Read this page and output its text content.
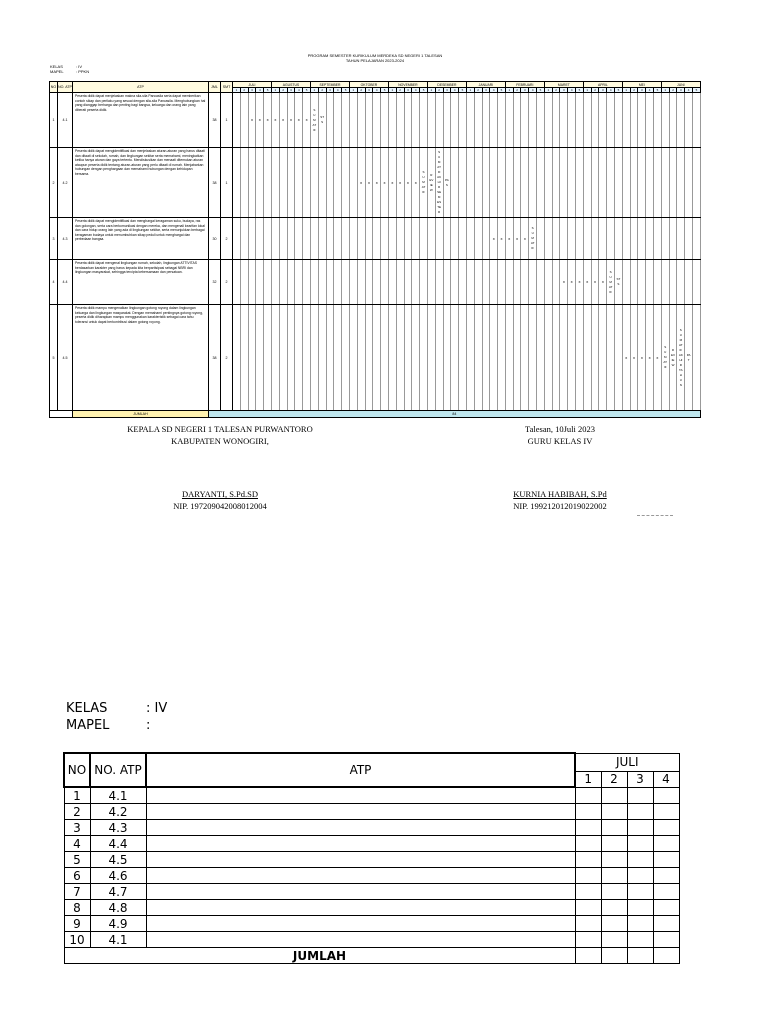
PROGRAM SEMESTER KURIKULUM MERDEKA SD NEGERI 1 TALESAN
TAHUN PELAJARAN 2023-2024
KELAS	: IV
MAPEL	: PPKN
NO	NO. ATP	ATP	JML	SMT	JULI	AGUSTUS	SEPTEMBER	OKTOBER	NOVEMBER	DESEMBER	JANUARI	FEBRUARI	MARET	APRIL	MEI	JUNI
1	2	3	4	5	1	2	3	4	5	1	2	3	4	5	1	2	3	4	5	1	2	3	4	5	1	2	3	4	5	1	2	3	4	5	1	2	3	4	5	1	2	3	4	5	1	2	3	4	5	1	2	3	4	5	1	2	3	4	5
1	4.1	Peserta didik dapat menjelaskan makna sila-sila Pancasila serta dapat memberikan contoh sikap dan perilaku yang sesuai dengan sila-sila Pancasila. Menghubungkan hal yang dianggap berharga dan penting bagi bangsa, keluarga dan orang lain yang diberati peserta didik.	38	1			x	x	x	x	x	x	x	x	SUMATIF	STS

2	4.2	Peserta didik dapat mengidentifikasi dan menjelaskan aturan-aturan yang harus ditaati dan ditaati di sekolah, rumah, dan lingkungan sekitar serta memahami, meningkatkan ketika hanya aturan dan gaya tertentu. Mendiskusikan dan menaati ditemukan aturan ataupun peserta didik tentang aturan-aturan yang perlu ditaati di rumah. Menjabarkan hubungan dengan penghargaan dan memahami hubungan dengan kehidupan bersama.	38	1																	x	x	x	x	x	x	x	x	SUMATIF	REVIEW	SUMATIF AKHIR SEMESTER	PAS

3	4.3	Peserta didik dapat mengidentifikasi dan menghargai keragaman suku, budaya, ras dan golongan, serta cara berkomunikasi dengan mereka, dan mengenali kearifan lokal dan cara hidup orang lain yang ada di lingkungan sekitar, serta menunjukkan berbagai keragaman budaya untuk menumbuhkan sikap peduli untuk menghargai dan perbedaan bangsa.	30	2																																		x	x	x	x	x	SUMATIF

4	4.4	Peserta didik dapat mengenal lingkungan rumah, sekolah, lingkungan ATTIVITAS berdasarkan karakter yang harus kepada kita berpartisipasi sebagai NBRI dan lingkungan masyarakat, sehingga tercipta kebersamaan dan persatuan.	32	2																																											x	x	x	x	x	x	SUMATIF	STS

5	4.5	Peserta didik mampu mengenalkan lingkungan gotong royong dalam lingkungan keluarga dan lingkungan masyarakat. Dengan memahami pentingnya gotong royong, peserta didik diharapkan mampu menggunakan karakteristik sebagai cara tahu toleransi untuk dapat berkontribusi dalam gotong royong.	38	2																																																			x	x	x	x	x	SUMATIF	REVIEW	SUMATIF AKHIR TAHUN	PAT

	JUMLAH	84
KEPALA SD NEGERI 1 TALESAN PURWANTORO
KABUPATEN WONOGIRI,
DARYANTI, S.Pd.SD
NIP. 197209042008012004
Talesan, 10Juli 2023
GURU KELAS IV
KURNIA HABIBAH, S.Pd
NIP. 199212012019022002
KELAS	: IV
MAPEL	:
NO	NO. ATP	ATP	JULI			
			1	2	3	4
1	4.1					
2	4.2					
3	4.3					
4	4.4					
5	4.5					
6	4.6					
7	4.7					
8	4.8					
9	4.9					
10	4.1					
JUMLAH						
